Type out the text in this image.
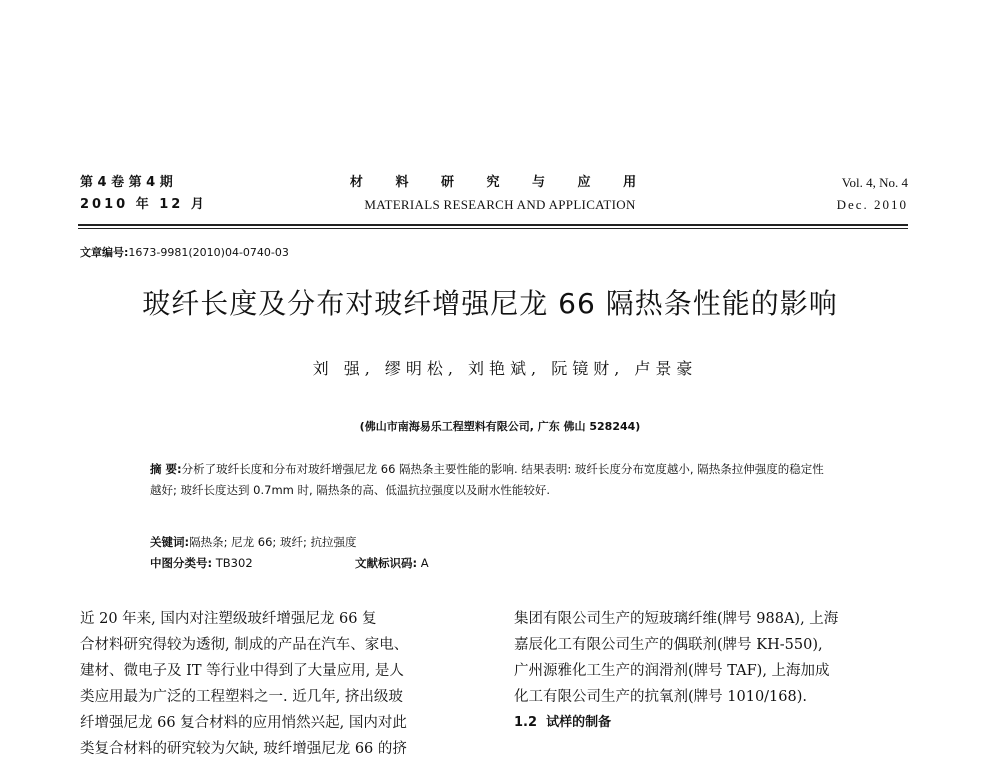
第 4 卷 第 4 期
2010 年 12 月
材 料 研 究 与 应 用
MATERIALS RESEARCH AND APPLICATION
Vol. 4, No. 4
Dec. 2010
文章编号:1673-9981(2010)04-0740-03
玻纤长度及分布对玻纤增强尼龙 66 隔热条性能的影响
刘 强, 缪明松, 刘艳斌, 阮镜财, 卢景豪
(佛山市南海易乐工程塑料有限公司, 广东 佛山 528244)
摘 要:分析了玻纤长度和分布对玻纤增强尼龙 66 隔热条主要性能的影响. 结果表明: 玻纤长度分布宽度越小, 隔热条拉伸强度的稳定性越好; 玻纤长度达到 0.7mm 时, 隔热条的高、低温抗拉强度以及耐水性能较好.
关键词:隔热条; 尼龙 66; 玻纤; 抗拉强度
中图分类号: TB302	文献标识码: A
近 20 年来, 国内对注塑级玻纤增强尼龙 66 复
合材料研究得较为透彻, 制成的产品在汽车、家电、
建材、微电子及 IT 等行业中得到了大量应用, 是人
类应用最为广泛的工程塑料之一. 近几年, 挤出级玻
纤增强尼龙 66 复合材料的应用悄然兴起, 国内对此
类复合材料的研究较为欠缺, 玻纤增强尼龙 66 的挤
集团有限公司生产的短玻璃纤维(牌号 988A), 上海
嘉辰化工有限公司生产的偶联剂(牌号 KH-550),
广州源雅化工生产的润滑剂(牌号 TAF), 上海加成
化工有限公司生产的抗氧剂(牌号 1010/168).
1.2 试样的制备
